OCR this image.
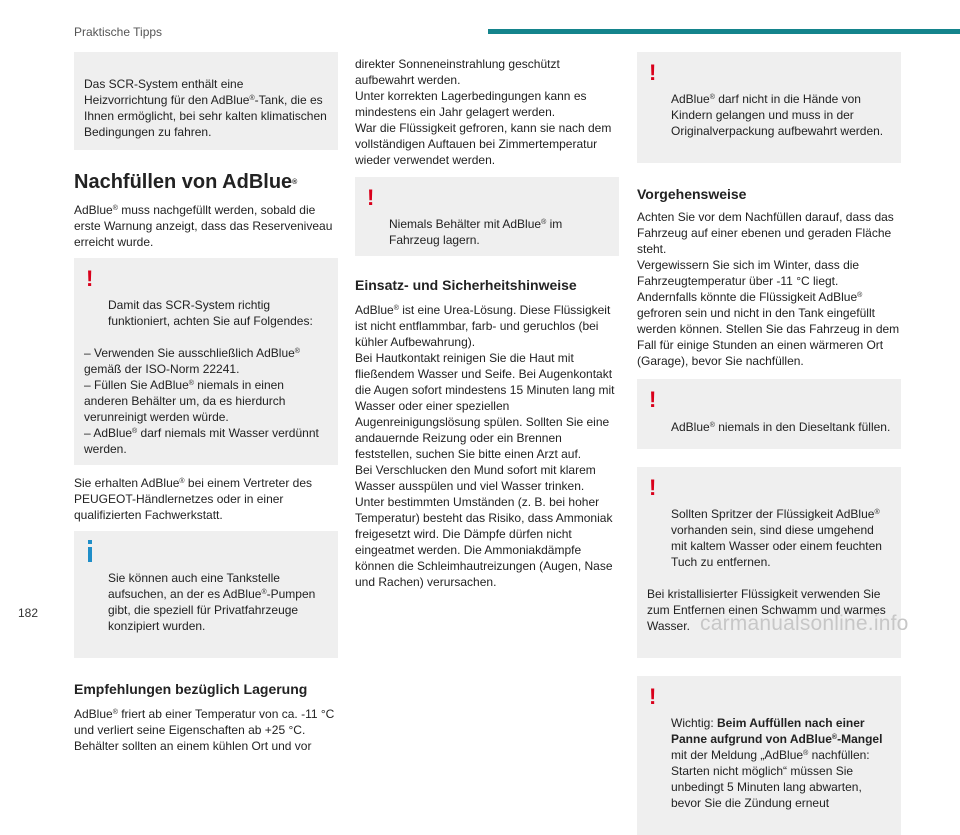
Praktische Tipps

Das SCR-System enthält eine Heizvorrichtung für den AdBlue®-Tank, die es Ihnen ermöglicht, bei sehr kalten klimatischen Bedingungen zu fahren.

Nachfüllen von AdBlue®

AdBlue® muss nachgefüllt werden, sobald die erste Warnung anzeigt, dass das Reserveniveau erreicht wurde.

!

Damit das SCR-System richtig funktioniert, achten Sie auf Folgendes:

– Verwenden Sie ausschließlich AdBlue® gemäß der ISO-Norm 22241.
– Füllen Sie AdBlue® niemals in einen anderen Behälter um, da es hierdurch verunreinigt werden würde.
– AdBlue® darf niemals mit Wasser verdünnt werden.

Sie erhalten AdBlue® bei einem Vertreter des PEUGEOT-Händlernetzes oder in einer qualifizierten Fachwerkstatt.

Sie können auch eine Tankstelle aufsuchen, an der es AdBlue®-Pumpen gibt, die speziell für Privatfahrzeuge konzipiert wurden.

Empfehlungen bezüglich Lagerung

AdBlue® friert ab einer Temperatur von ca. -11 °C und verliert seine Eigenschaften ab +25 °C. Behälter sollten an einem kühlen Ort und vor

direkter Sonneneinstrahlung geschützt aufbewahrt werden.
Unter korrekten Lagerbedingungen kann es mindestens ein Jahr gelagert werden.
War die Flüssigkeit gefroren, kann sie nach dem vollständigen Auftauen bei Zimmertemperatur wieder verwendet werden.

!

Niemals Behälter mit AdBlue® im Fahrzeug lagern.

Einsatz- und Sicherheitshinweise

AdBlue® ist eine Urea-Lösung. Diese Flüssigkeit ist nicht entflammbar, farb- und geruchlos (bei kühler Aufbewahrung).
Bei Hautkontakt reinigen Sie die Haut mit fließendem Wasser und Seife. Bei Augenkontakt die Augen sofort mindestens 15 Minuten lang mit Wasser oder einer speziellen Augenreinigungslösung spülen. Sollten Sie eine andauernde Reizung oder ein Brennen feststellen, suchen Sie bitte einen Arzt auf.
Bei Verschlucken den Mund sofort mit klarem Wasser ausspülen und viel Wasser trinken.
Unter bestimmten Umständen (z. B. bei hoher Temperatur) besteht das Risiko, dass Ammoniak freigesetzt wird. Die Dämpfe dürfen nicht eingeatmet werden. Die Ammoniakdämpfe können die Schleimhautreizungen (Augen, Nase und Rachen) verursachen.

!

AdBlue® darf nicht in die Hände von Kindern gelangen und muss in der Originalverpackung aufbewahrt werden.

Vorgehensweise

Achten Sie vor dem Nachfüllen darauf, dass das Fahrzeug auf einer ebenen und geraden Fläche steht.
Vergewissern Sie sich im Winter, dass die Fahrzeugtemperatur über -11 °C liegt. Andernfalls könnte die Flüssigkeit AdBlue® gefroren sein und nicht in den Tank eingefüllt werden können. Stellen Sie das Fahrzeug in dem Fall für einige Stunden an einen wärmeren Ort (Garage), bevor Sie nachfüllen.

!

AdBlue® niemals in den Dieseltank füllen.

!

Sollten Spritzer der Flüssigkeit AdBlue® vorhanden sein, sind diese umgehend mit kaltem Wasser oder einem feuchten Tuch zu entfernen.

Bei kristallisierter Flüssigkeit verwenden Sie zum Entfernen einen Schwamm und warmes Wasser.

!

Wichtig: Beim Auffüllen nach einer Panne aufgrund von AdBlue®-Mangel mit der Meldung „AdBlue® nachfüllen: Starten nicht möglich“ müssen Sie unbedingt 5 Minuten lang abwarten, bevor Sie die Zündung erneut

182	carmanualsonline.info
